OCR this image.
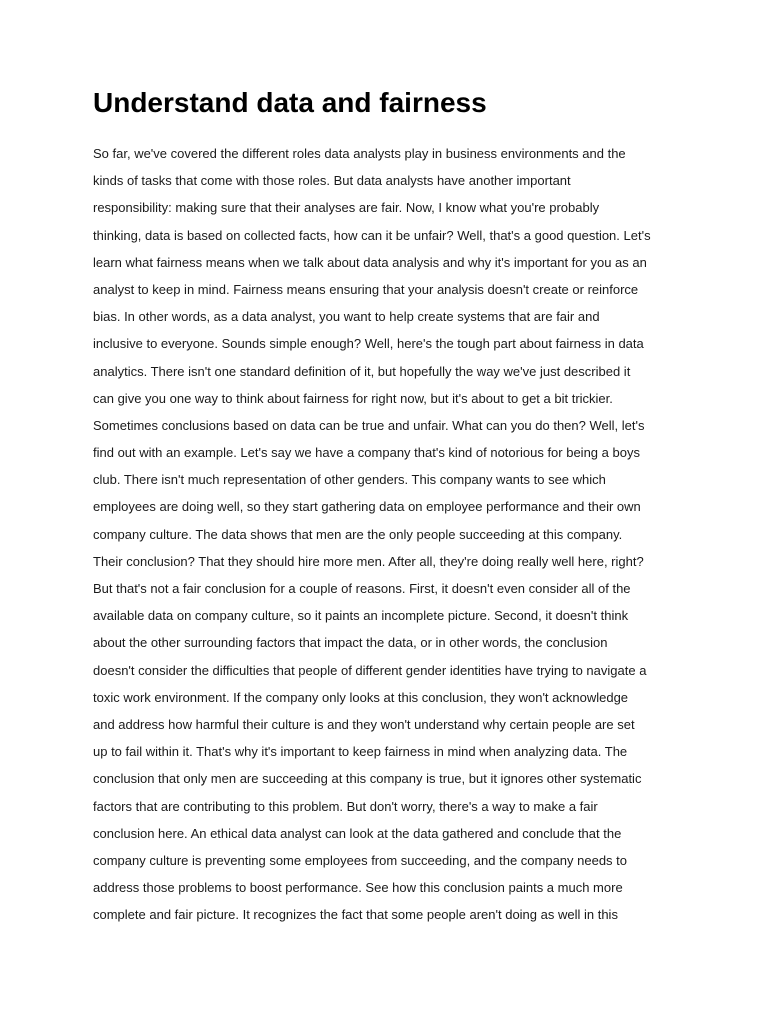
Understand data and fairness
So far, we've covered the different roles data analysts play in business environments and the
kinds of tasks that come with those roles. But data analysts have another important
responsibility: making sure that their analyses are fair. Now, I know what you're probably
thinking, data is based on collected facts, how can it be unfair? Well, that's a good question. Let's
learn what fairness means when we talk about data analysis and why it's important for you as an
analyst to keep in mind. Fairness means ensuring that your analysis doesn't create or reinforce
bias. In other words, as a data analyst, you want to help create systems that are fair and
inclusive to everyone. Sounds simple enough? Well, here's the tough part about fairness in data
analytics. There isn't one standard definition of it, but hopefully the way we've just described it
can give you one way to think about fairness for right now, but it's about to get a bit trickier.
Sometimes conclusions based on data can be true and unfair. What can you do then? Well, let's
find out with an example. Let's say we have a company that's kind of notorious for being a boys
club. There isn't much representation of other genders. This company wants to see which
employees are doing well, so they start gathering data on employee performance and their own
company culture. The data shows that men are the only people succeeding at this company.
Their conclusion? That they should hire more men. After all, they're doing really well here, right?
But that's not a fair conclusion for a couple of reasons. First, it doesn't even consider all of the
available data on company culture, so it paints an incomplete picture. Second, it doesn't think
about the other surrounding factors that impact the data, or in other words, the conclusion
doesn't consider the difficulties that people of different gender identities have trying to navigate a
toxic work environment. If the company only looks at this conclusion, they won't acknowledge
and address how harmful their culture is and they won't understand why certain people are set
up to fail within it. That's why it's important to keep fairness in mind when analyzing data. The
conclusion that only men are succeeding at this company is true, but it ignores other systematic
factors that are contributing to this problem. But don't worry, there's a way to make a fair
conclusion here. An ethical data analyst can look at the data gathered and conclude that the
company culture is preventing some employees from succeeding, and the company needs to
address those problems to boost performance. See how this conclusion paints a much more
complete and fair picture. It recognizes the fact that some people aren't doing as well in this
